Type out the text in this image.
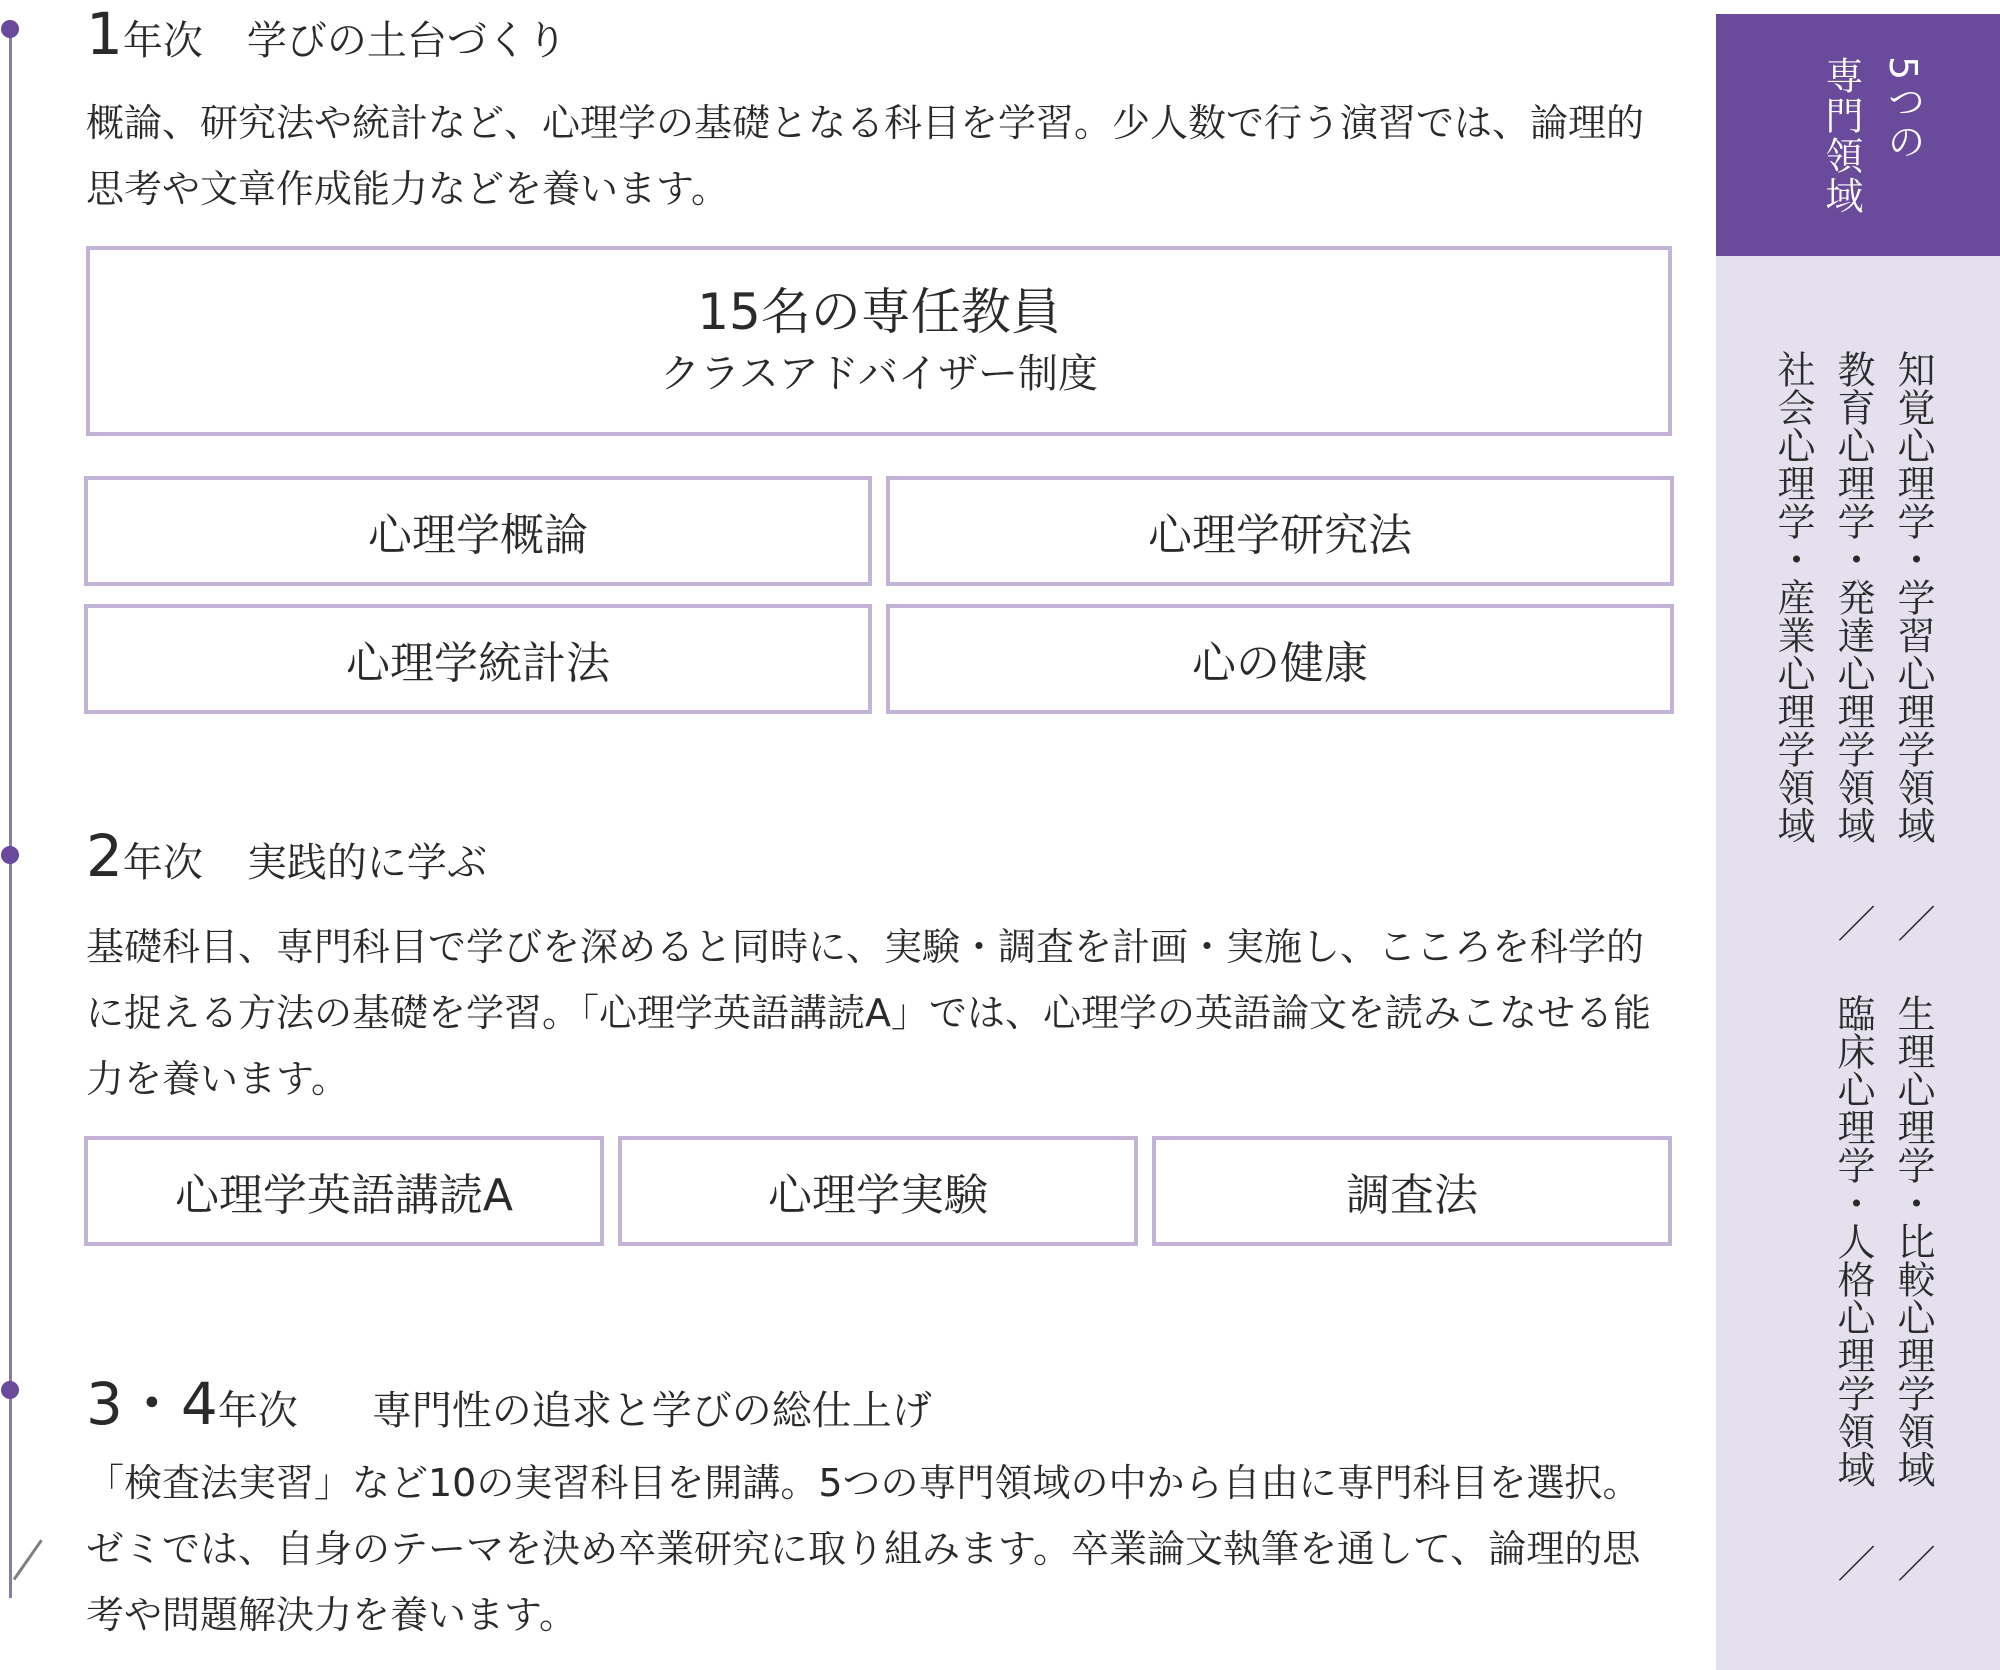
1年次 学びの土台づくり
概論、研究法や統計など、心理学の基礎となる科目を学習。少人数で行う演習では、論理的思考や文章作成能力などを養います。
15名の専任教員
クラスアドバイザー制度
心理学概論	心理学研究法
心理学統計法	心の健康
2年次 実践的に学ぶ
基礎科目、専門科目で学びを深めると同時に、実験・調査を計画・実施し、こころを科学的に捉える方法の基礎を学習。「心理学英語講読A」では、心理学の英語論文を読みこなせる能力を養います。
心理学英語講読A	心理学実験	調査法
3・4年次 専門性の追求と学びの総仕上げ
「検査法実習」など10の実習科目を開講。5つの専門領域の中から自由に専門科目を選択。ゼミでは、自身のテーマを決め卒業研究に取り組みます。卒業論文執筆を通して、論理的思考や問題解決力を養います。
5つの
専門領域
知覚心理学・学習心理学領域
／
生理心理学・比較心理学領域
／
教育心理学・発達心理学領域
／
臨床心理学・人格心理学領域
／
社会心理学・産業心理学領域
